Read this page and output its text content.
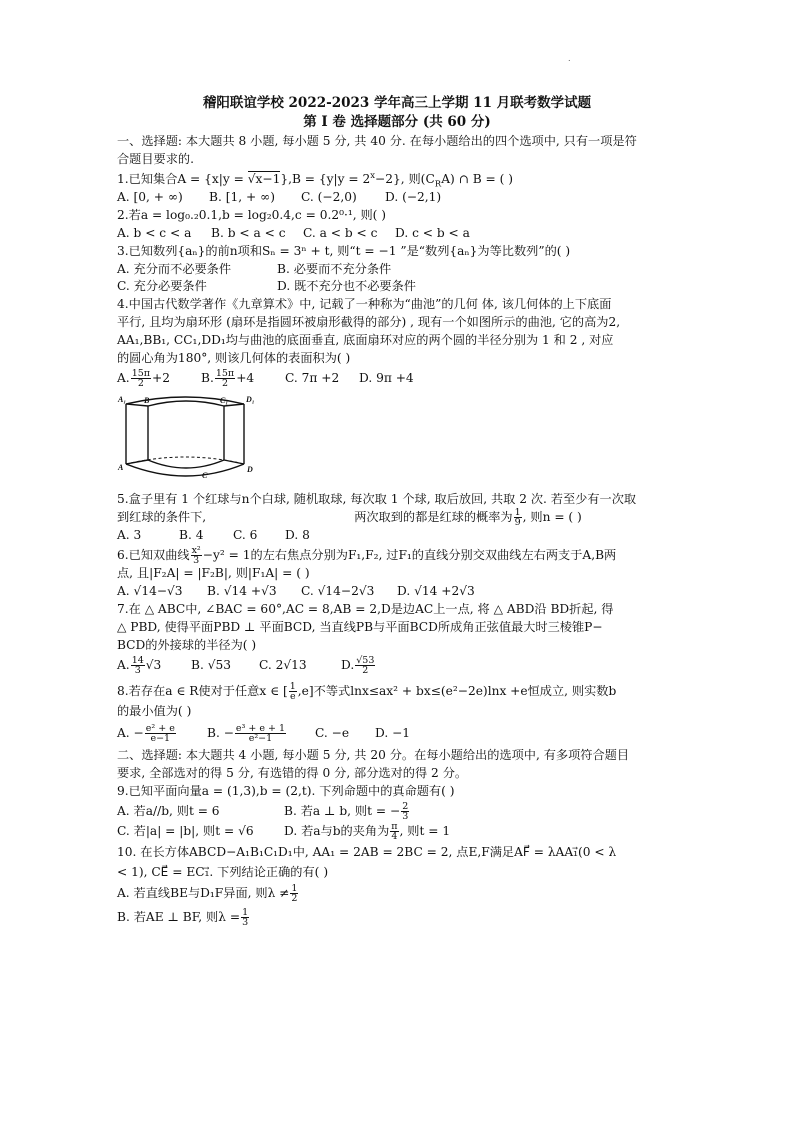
.
稽阳联谊学校 2022-2023 学年高三上学期 11 月联考数学试题
第 I 卷 选择题部分 (共 60 分)
一、选择题: 本大题共 8 小题, 每小题 5 分, 共 40 分. 在每小题给出的四个选项中, 只有一项是符
合题目要求的.
1.已知集合$A = \{x|y = √x-1\},B = \{y|y = 2^x-2\}$, 则$(C_RA)$ ∩ B = ( )
A. [0, + ∞)	B. [1, + ∞)	C. (−2,0)	D. (−2,1)
2.若a = log₀.₂0.1,b = log₂0.4,c = 0.2⁰·¹, 则( )
A. b < c < a	B. b < a < c	C. a < b < c	D. c < b < a
3.已知数列{aₙ}的前n项和Sₙ = 3ⁿ + t, 则“t = −1 ”是“数列{aₙ}为等比数列”的( )
A. 充分而不必要条件	B. 必要而不充分条件
C. 充分必要条件	D. 既不充分也不必要条件
4.中国古代数学著作《九章算术》中, 记载了一种称为“曲池”的几何 体, 该几何体的上下底面
平行, 且均为扇环形 (扇环是指圆环被扇形截得的部分) , 现有一个如图所示的曲池, 它的高为2,
AA₁,BB₁, CC₁,DD₁均与曲池的底面垂直, 底面扇环对应的两个圆的半径分别为 1 和 2 , 对应
的圆心角为180°, 则该几何体的表面积为( )
A. $\frac{15\pi}{2} +2$	B. $\frac{15\pi}{2} +4$	C. 7π +2	D. 9π +4
A₁ B	C₁ D₁
A
C
D
5.盒子里有 1 个红球与n个白球, 随机取球, 每次取 1 个球, 取后放回, 共取 2 次. 若至少有一次取
到红球的条件下,	两次取到的都是红球的概率为 $\frac{1}{9}$ , 则n = ( )
A. 3	B. 4	C. 6	D. 8
6.已知双曲线 $\frac{\text{x²}}{3} -y^2 = 1$的左右焦点分别为F₁,F₂, 过F₁的直线分别交双曲线左右两支于A,B两
点, 且|F₂A| = |F₂B|, 则|F₁A| = ( )
A. √14−√3	B. √14 +√3	C. √14−2√3	D. √14 +2√3
7.在 △ ABC中, ∠BAC = 60°,AC = 8,AB = 2,D是边AC上一点, 将 △ ABD沿 BD折起, 得
△ PBD, 使得平面PBD ⊥ 平面BCD, 当直线PB与平面BCD所成角正弦值最大时三棱锥P−
BCD的外接球的半径为( )
A. $\frac{14}{3} √3$	B. √53	C. 2√13	D. $\frac{√53}{2}$
8.若存在a ∈ R使对于任意x ∈ [ $\frac{1}{e} ,e$]不等式lnx≤ax² + bx≤(e²−2e)lnx +e恒成立, 则实数b
的最小值为( )
A. − $\frac{\text{e² + e}}{e-1}$	B. − $\frac{\text{e³ + e + 1}}{\text{e²−1}} C$. −e	D. −1
二、选择题: 本大题共 4 小题, 每小题 5 分, 共 20 分。在每小题给出的选项中, 有多项符合题目
要求, 全部选对的得 5 分, 有选错的得 0 分, 部分选对的得 2 分。
9.已知平面向量a = (1,3),b = (2,t). 下列命题中的真命题有( )
A. 若a//b, 则t = 6	B. 若a ⊥ b, 则t = − $\frac{2}{3}$
C. 若|a| = |b|, 则t = √6	D. 若a与b的夹角为 $\frac{\pi}{4}$ , 则t = 1
10. 在长方体ABCD−A₁B₁C₁D₁中, AA₁ = 2AB = 2BC = 2, 点E,F满足AF⃗ = λAA₁⃗(0 < λ
< 1), CE⃗ = EC₁⃗. 下列结论正确的有( )
A. 若直线BE与D₁F异面, 则$\lambda \ne \frac{1}{2}$
B. 若AE ⊥ BF, 则$\lambda = \frac{1}{3}$
